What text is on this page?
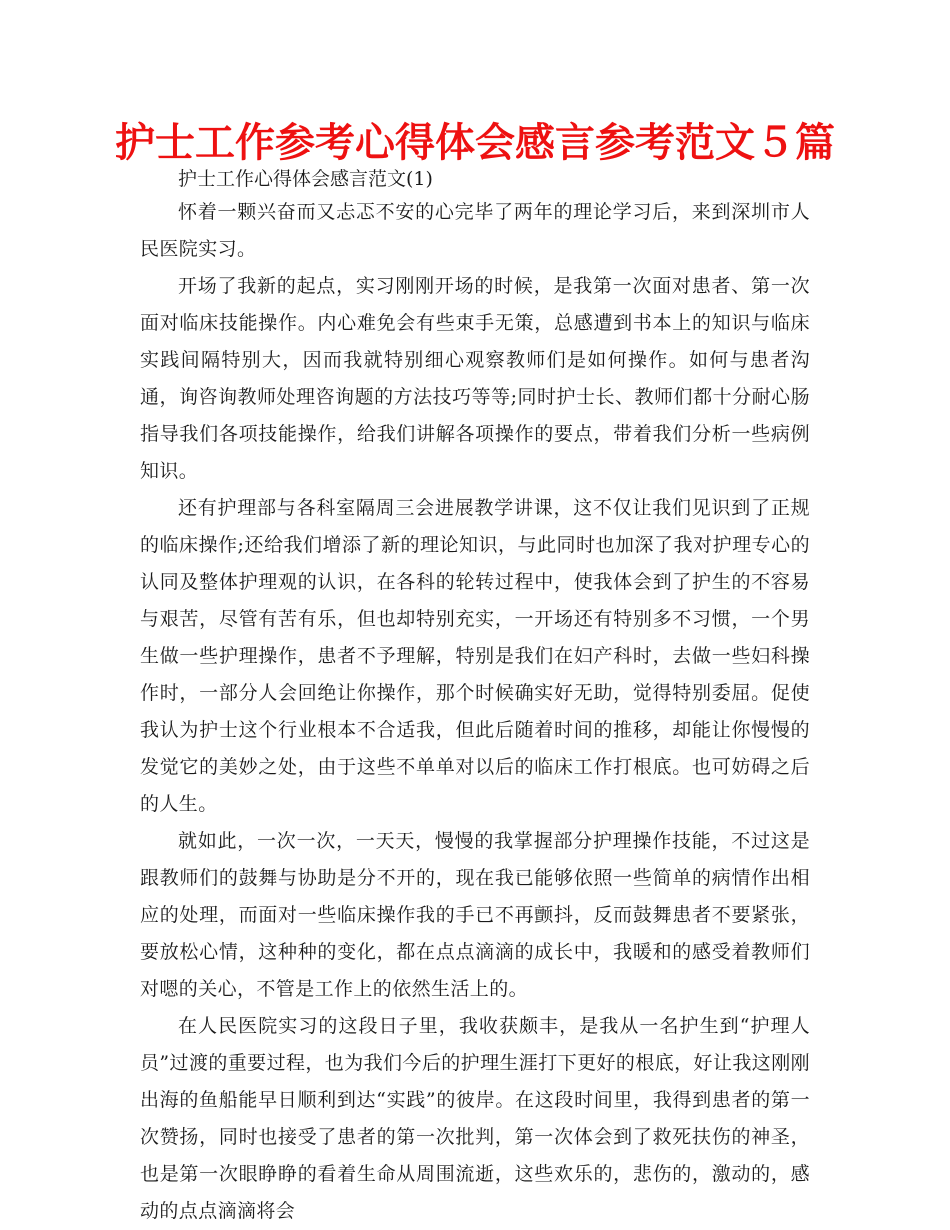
护士工作参考心得体会感言参考范文５篇

护士工作心得体会感言范文(1)

怀着一颗兴奋而又忐忑不安的心完毕了两年的理论学习后，来到深圳市人民医院实习。

开场了我新的起点，实习刚刚开场的时候，是我第一次面对患者、第一次面对临床技能操作。内心难免会有些束手无策，总感遭到书本上的知识与临床实践间隔特别大，因而我就特别细心观察教师们是如何操作。如何与患者沟通，询咨询教师处理咨询题的方法技巧等等;同时护士长、教师们都十分耐心肠指导我们各项技能操作，给我们讲解各项操作的要点，带着我们分析一些病例知识。

还有护理部与各科室隔周三会进展教学讲课，这不仅让我们见识到了正规的临床操作;还给我们增添了新的理论知识，与此同时也加深了我对护理专心的认同及整体护理观的认识，在各科的轮转过程中，使我体会到了护生的不容易与艰苦，尽管有苦有乐，但也却特别充实，一开场还有特别多不习惯，一个男生做一些护理操作，患者不予理解，特别是我们在妇产科时，去做一些妇科操作时，一部分人会回绝让你操作，那个时候确实好无助，觉得特别委屈。促使我认为护士这个行业根本不合适我，但此后随着时间的推移，却能让你慢慢的发觉它的美妙之处，由于这些不单单对以后的临床工作打根底。也可妨碍之后的人生。

就如此，一次一次，一天天，慢慢的我掌握部分护理操作技能，不过这是跟教师们的鼓舞与协助是分不开的，现在我已能够依照一些简单的病情作出相应的处理，而面对一些临床操作我的手已不再颤抖，反而鼓舞患者不要紧张，要放松心情，这种种的变化，都在点点滴滴的成长中，我暖和的感受着教师们对嗯的关心，不管是工作上的依然生活上的。

在人民医院实习的这段日子里，我收获颇丰，是我从一名护生到“护理人员”过渡的重要过程，也为我们今后的护理生涯打下更好的根底，好让我这刚刚出海的鱼船能早日顺利到达“实践”的彼岸。在这段时间里，我得到患者的第一次赞扬，同时也接受了患者的第一次批判，第一次体会到了救死扶伤的神圣，也是第一次眼睁睁的看着生命从周围流逝，这些欢乐的，悲伤的，激动的，感动的点点滴滴将会
